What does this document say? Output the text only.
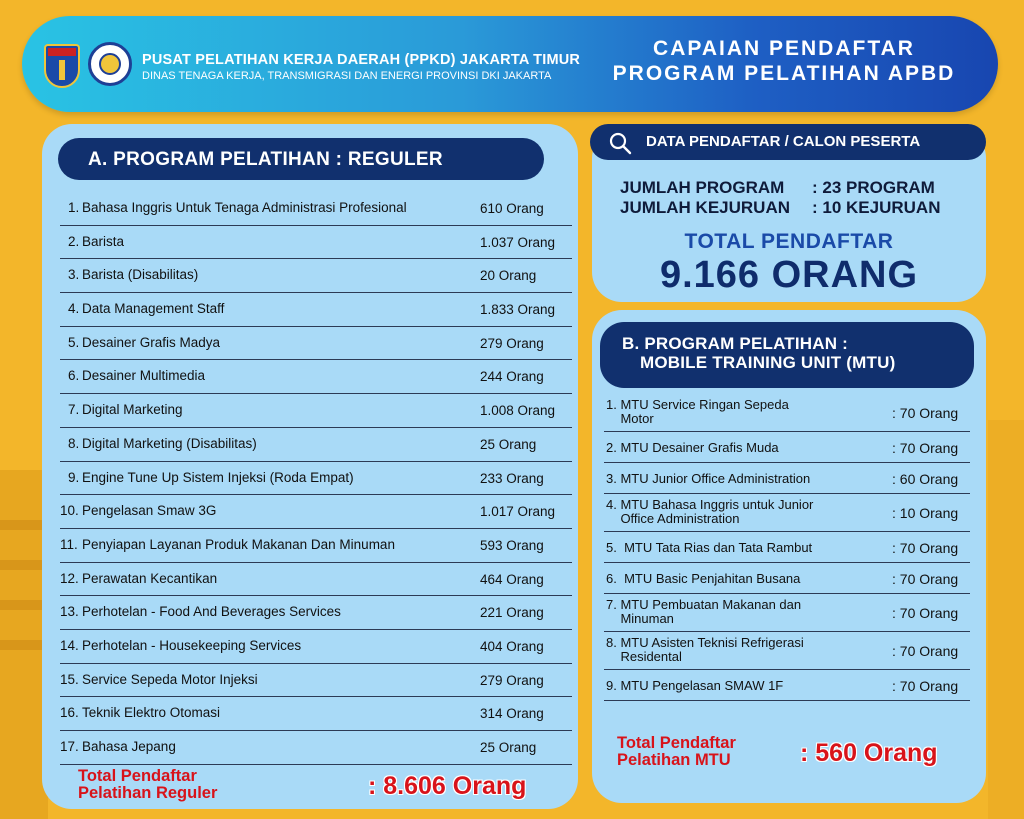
PUSAT PELATIHAN KERJA DAERAH (PPKD) JAKARTA TIMUR
DINAS TENAGA KERJA, TRANSMIGRASI DAN ENERGI PROVINSI DKI JAKARTA
CAPAIAN PENDAFTAR
PROGRAM PELATIHAN APBD
A. PROGRAM PELATIHAN : REGULER
1. Bahasa Inggris Untuk Tenaga Administrasi Profesional	610 Orang
2. Barista	1.037 Orang
3. Barista (Disabilitas)	20 Orang
4. Data Management Staff	1.833 Orang
5. Desainer Grafis Madya	279 Orang
6. Desainer Multimedia	244 Orang
7. Digital Marketing	1.008 Orang
8. Digital Marketing (Disabilitas)	25 Orang
9. Engine Tune Up Sistem Injeksi (Roda Empat)	233 Orang
10. Pengelasan Smaw 3G	1.017 Orang
11. Penyiapan Layanan Produk Makanan Dan Minuman	593 Orang
12. Perawatan Kecantikan	464 Orang
13. Perhotelan - Food And Beverages Services	221 Orang
14. Perhotelan - Housekeeping Services	404 Orang
15. Service Sepeda Motor Injeksi	279 Orang
16. Teknik Elektro Otomasi	314 Orang
17. Bahasa Jepang	25 Orang
Total Pendaftar
Pelatihan Reguler	: 8.606 Orang
DATA PENDAFTAR / CALON PESERTA
JUMLAH PROGRAM : 23 PROGRAM
JUMLAH KEJURUAN : 10 KEJURUAN
TOTAL PENDAFTAR
9.166 ORANG
B. PROGRAM PELATIHAN :
MOBILE TRAINING UNIT (MTU)
1. MTU Service Ringan Sepeda
Motor	: 70 Orang
2. MTU Desainer Grafis Muda	: 70 Orang
3. MTU Junior Office Administration	: 60 Orang
4. MTU Bahasa Inggris untuk Junior
Office Administration	: 10 Orang
5.  MTU Tata Rias dan Tata Rambut	: 70 Orang
6.  MTU Basic Penjahitan Busana	: 70 Orang
7. MTU Pembuatan Makanan dan
Minuman	: 70 Orang
8. MTU Asisten Teknisi Refrigerasi
Residental	: 70 Orang
9. MTU Pengelasan SMAW 1F	: 70 Orang
Total Pendaftar
Pelatihan MTU	: 560 Orang
